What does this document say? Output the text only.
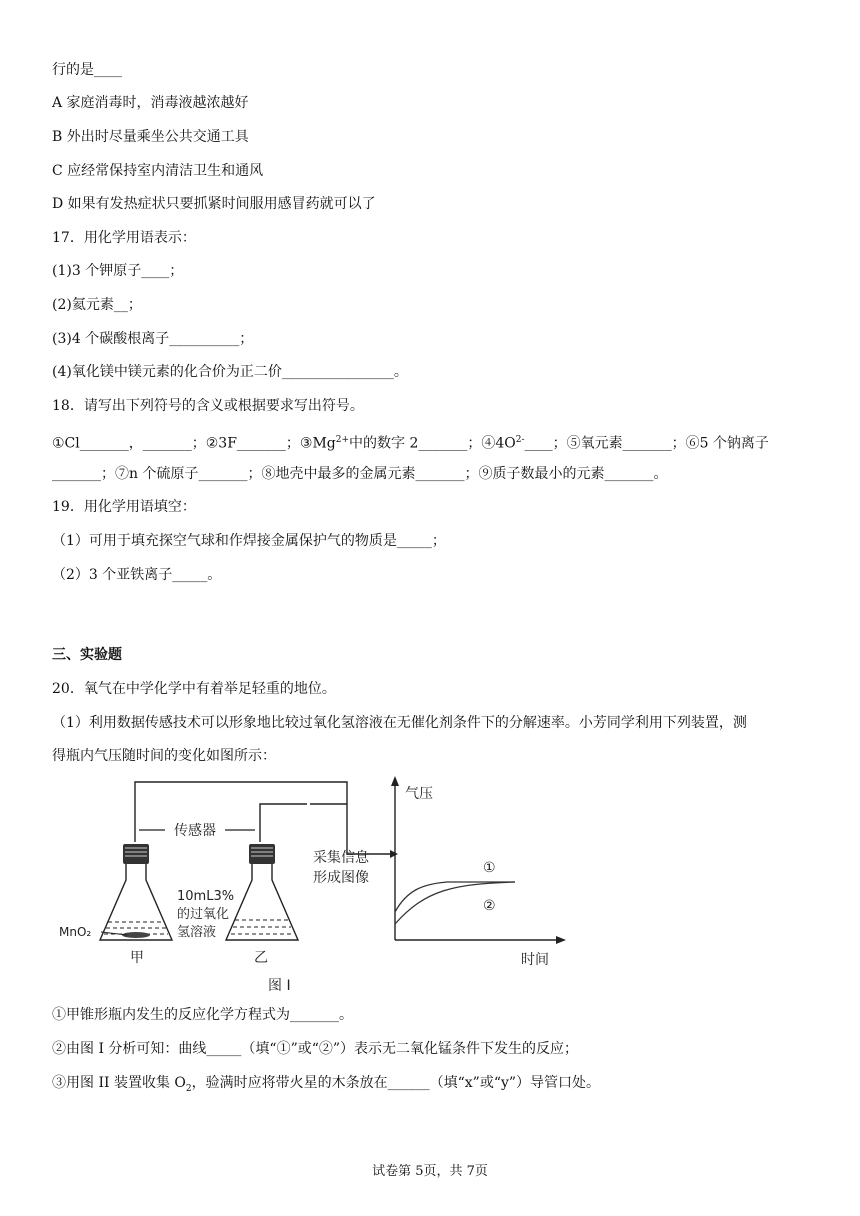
行的是____
A 家庭消毒时，消毒液越浓越好
B 外出时尽量乘坐公共交通工具
C 应经常保持室内清洁卫生和通风
D 如果有发热症状只要抓紧时间服用感冒药就可以了
17．用化学用语表示：
(1)3 个钾原子____；
(2)氦元素__；
(3)4 个碳酸根离子__________；
(4)氧化镁中镁元素的化合价为正二价________________。
18．请写出下列符号的含义或根据要求写出符号。
①Cl_______，_______；②3F_______；$③Mg^{2+}$中的数字 2_______；$④4O^{2-}\_\_\_\_$；⑤氧元素_______；⑥5 个钠离子
_______；⑦n 个硫原子_______；⑧地壳中最多的金属元素_______；⑨质子数最小的元素_______。
19．用化学用语填空：
（1）可用于填充探空气球和作焊接金属保护气的物质是_____；
（2）3 个亚铁离子_____。
三、实验题
20．氧气在中学化学中有着举足轻重的地位。
（1）利用数据传感技术可以形象地比较过氧化氢溶液在无催化剂条件下的分解速率。小芳同学利用下列装置，测
得瓶内气压随时间的变化如图所示：
传感器
MnO₂
甲	乙
10mL3%
的过氧化
氢溶液
采集信息
形成图像
图 I
气压
时间
①
②
①甲锥形瓶内发生的反应化学方程式为_______。
②由图 I 分析可知：曲线_____（填“①”或“②”）表示无二氧化锰条件下发生的反应；
③用图 II 装置收集 $O_2$，验满时应将带火星的木条放在______（填“x”或“y”）导管口处。
试卷第 5页，共 7页
